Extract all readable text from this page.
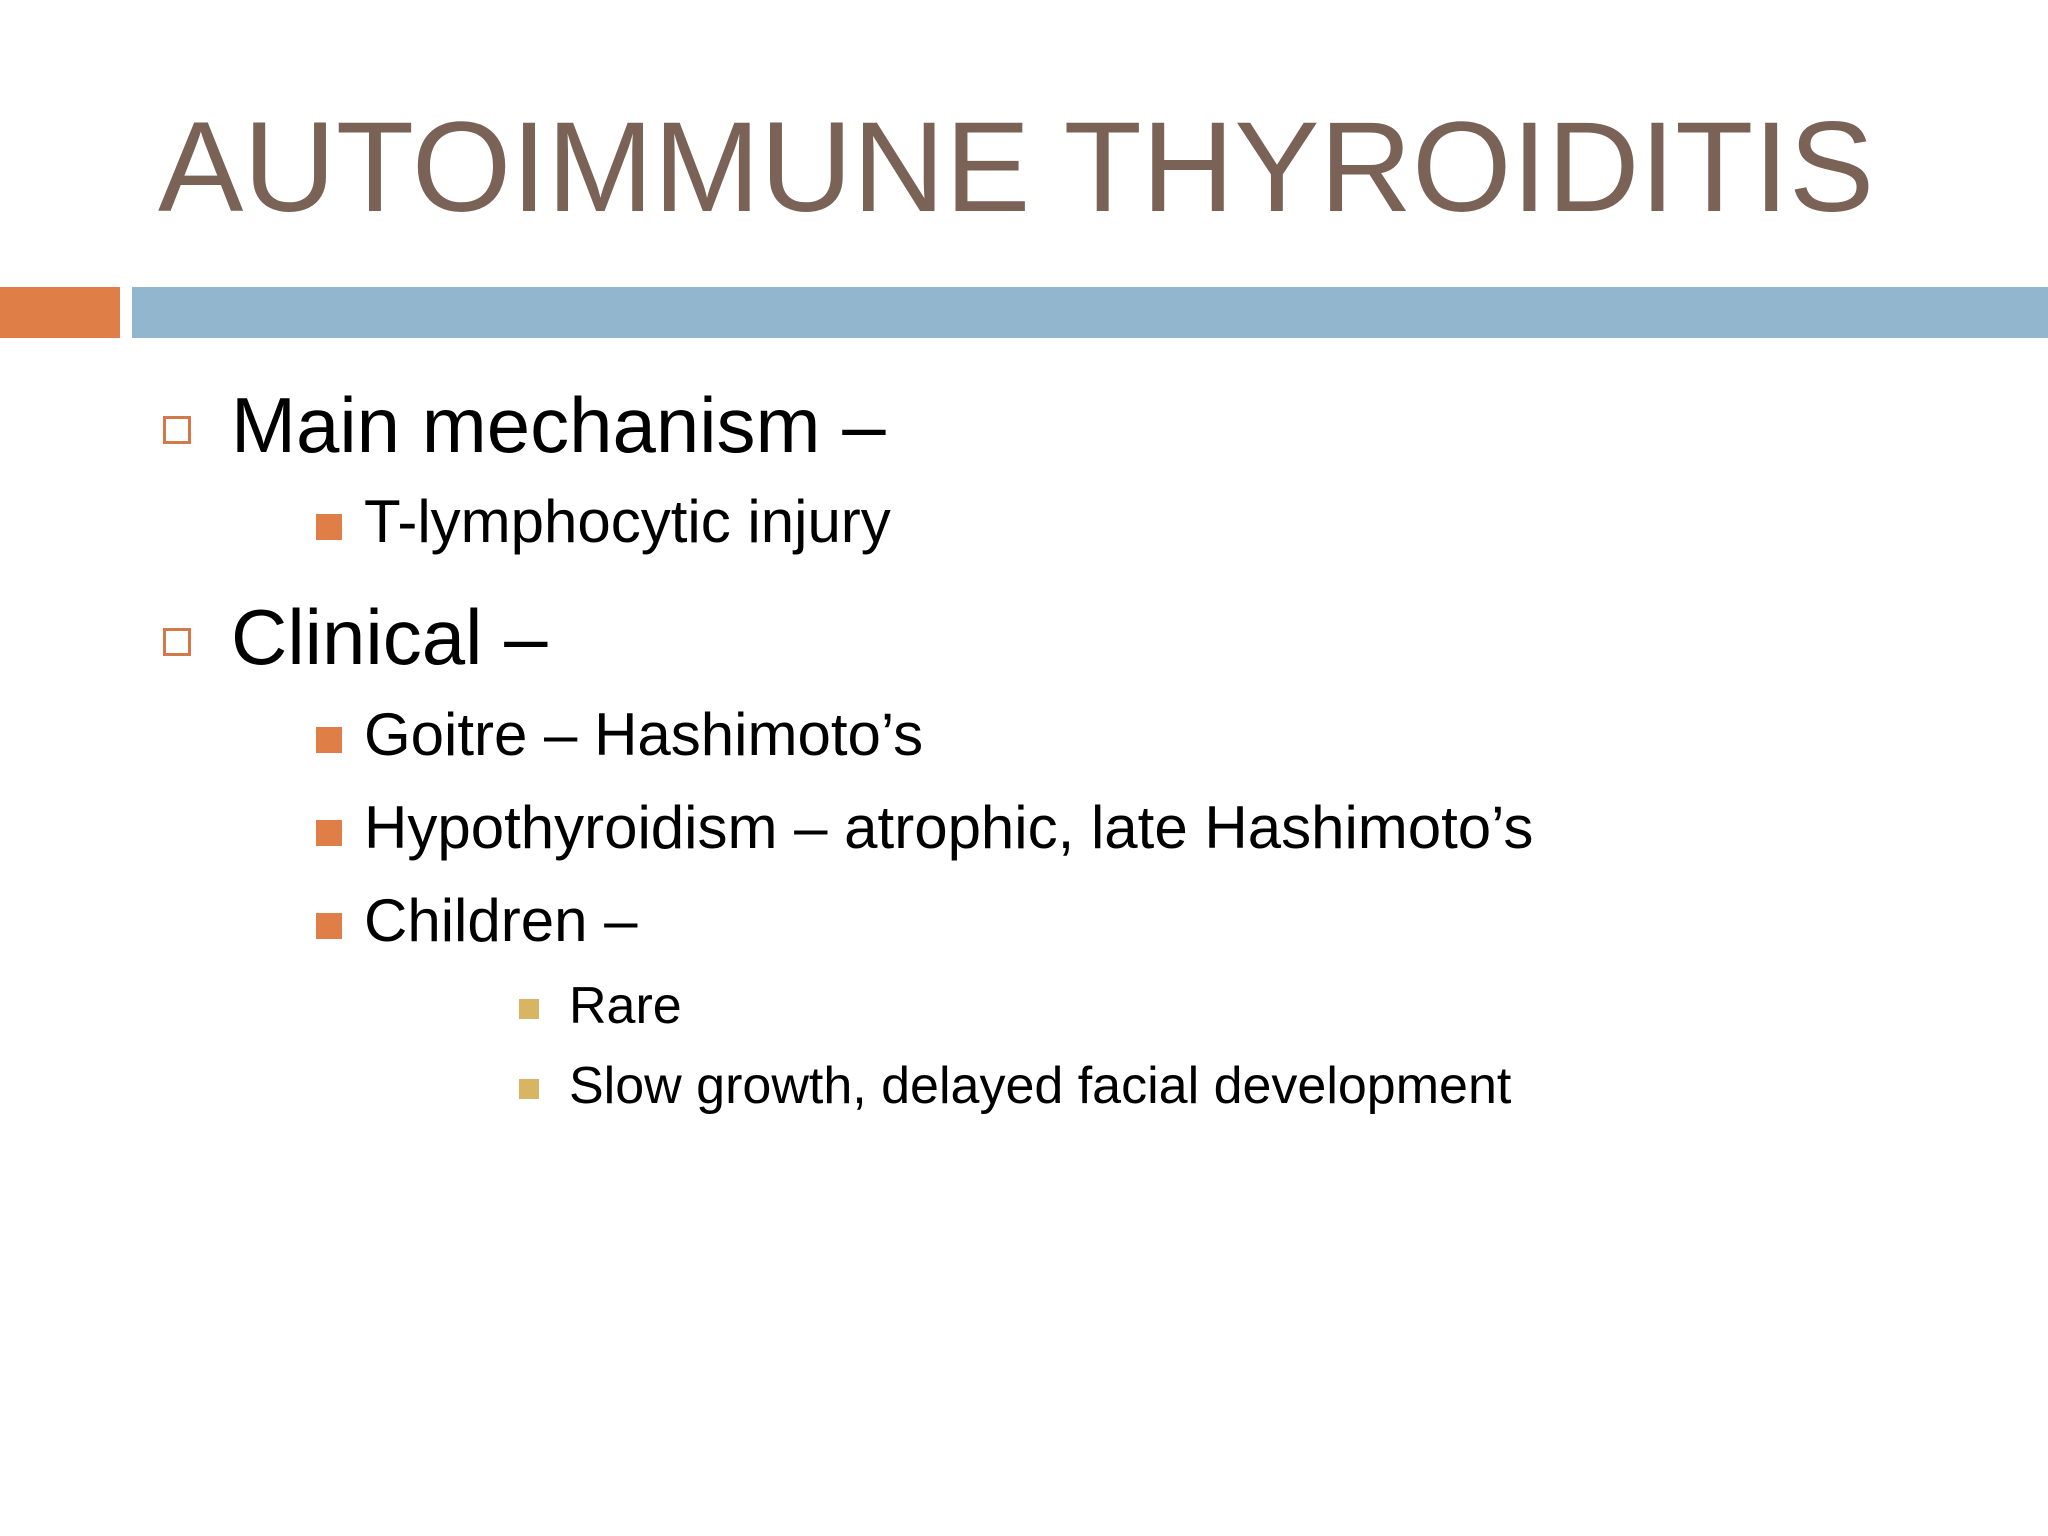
AUTOIMMUNE THYROIDITIS
Main mechanism –
T-lymphocytic injury
Clinical –
Goitre – Hashimoto’s
Hypothyroidism – atrophic, late Hashimoto’s
Children –
Rare
Slow growth, delayed facial development
